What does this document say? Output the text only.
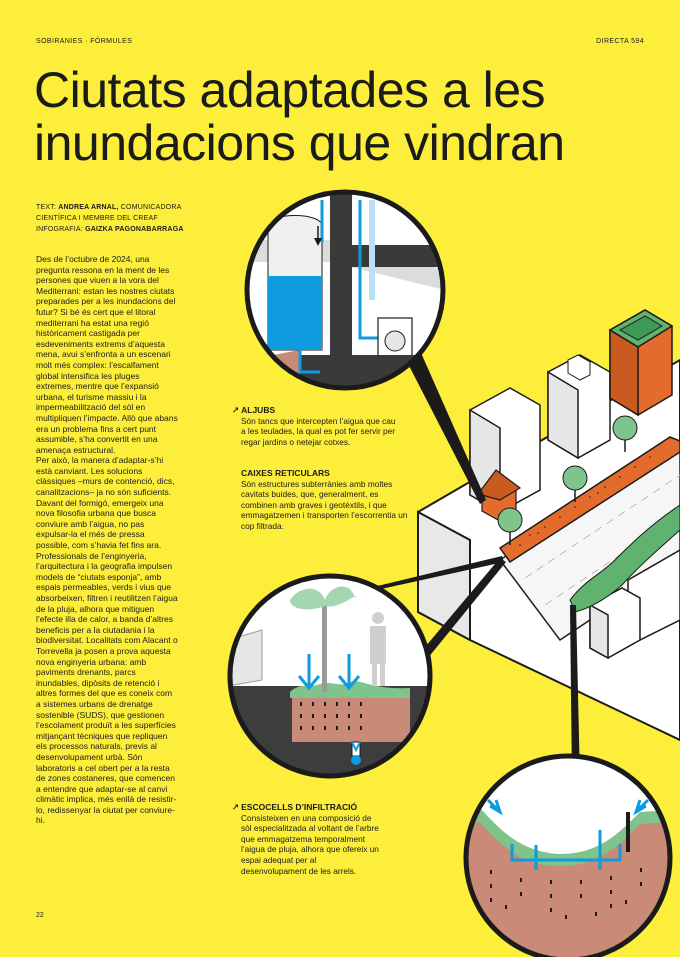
SOBIRANIES · FÓRMULES	DIRECTA 594
Ciutats adaptades a les inundacions que vindran
TEXT: ANDREA ARNAL, COMUNICADORA CIENTÍFICA I MEMBRE DEL CREAF
INFOGRAFIA: GAIZKA PAGONABARRAGA

Des de l’octubre de 2024, una pregunta ressona en la ment de les persones que viuen a la vora del Mediterrani: estan les nostres ciutats preparades per a les inundacions del futur? Si bé és cert que el litoral mediterrani ha estat una regió històricament castigada per esdeveniments extrems d’aquesta mena, avui s’enfronta a un escenari molt més complex: l’escalfament global intensifica les pluges extremes, mentre que l’expansió urbana, el turisme massiu i la impermeabilització del sòl en multipliquen l’impacte. Allò que abans era un problema fins a cert punt assumible, s’ha convertit en una amenaça estructural.

Per això, la manera d’adaptar-s’hi està canviant. Les solucions clàssiques –murs de contenció, dics, canalitzacions– ja no són suficients. Davant del formigó, emergeix una nova filosofia urbana que busca conviure amb l’aigua, no pas expulsar-la el més de pressa possible, com s’havia fet fins ara. Professionals de l’enginyeria, l’arquitectura i la geografia impulsen models de “ciutats esponja”, amb espais permeables, verds i vius que absorbeixen, filtren i reutilitzen l’aigua de la pluja, alhora que mitiguen l’efecte illa de calor, a banda d’altres beneficis per a la ciutadania i la biodiversitat. Localitats com Alacant o Torrevella ja posen a prova aquesta nova enginyeria urbana: amb paviments drenants, parcs inundables, dipòsits de retenció i altres formes del que es coneix com a sistemes urbans de drenatge sostenible (SUDS), que gestionen l’escolament produït a les superfícies mitjançant tècniques que repliquen els processos naturals, previs al desenvolupament urbà. Són laboratoris a cel obert per a la resta de zones costaneres, que comencen a entendre que adaptar-se al canvi climàtic implica, més enllà de resistir-lo, redissenyar la ciutat per conviure-hi.

↗ ALJUBS
Són tancs que intercepten l’aigua que cau a les teulades, la qual es pot fer servir per regar jardins o netejar cotxes.
CAIXES RETICULARS
Són estructures subterrànies amb moltes cavitats buides, que, generalment, es combinen amb graves i geotèxtils, i que emmagatzemen i transporten l’escorrentia un cop filtrada.
↗ ESCOCELLS D’INFILTRACIÓ
Consisteixen en una composició de sòl especialitzada al voltant de l’arbre que emmagatzema temporalment l’aigua de pluja, alhora que ofereix un espai adequat per al desenvolupament de les arrels.
22
